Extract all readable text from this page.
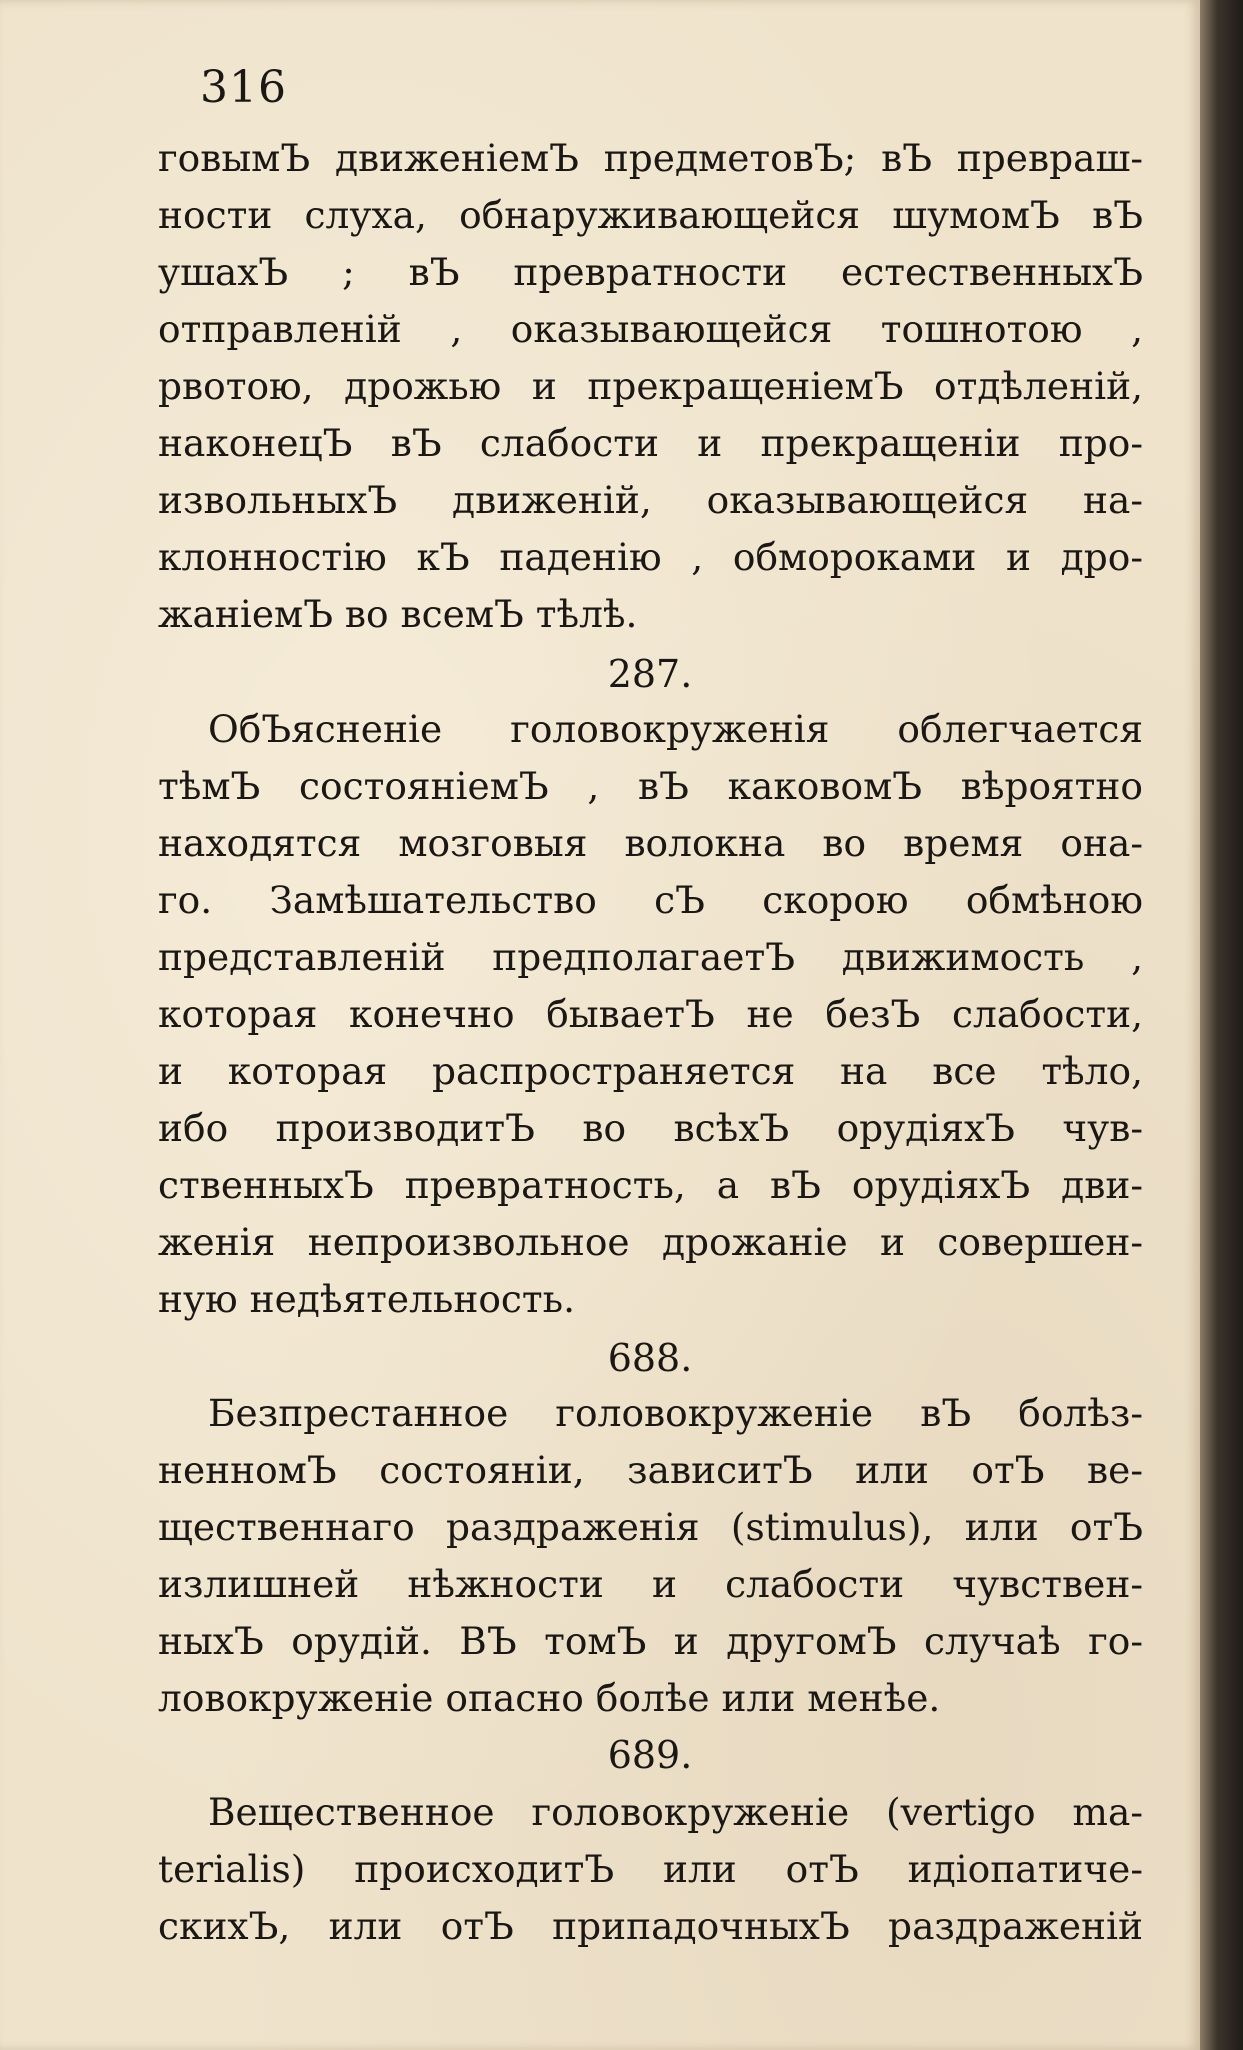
316

говымЪ движенiемЪ предметовЪ; вЪ превраш-

ности слуха, обнаруживающейся шумомЪ вЪ

ушахЪ ; вЪ превратности естественныхЪ

отправленiй , оказывающейся тошнотою ,

рвотою, дрожью и прекращенiемЪ отдѣленiй,

наконецЪ вЪ слабости и прекращенiи про-

извольныхЪ движенiй, оказывающейся на-

клонностiю кЪ паденiю , обмороками и дро-

жанiемЪ во всемЪ тѣлѣ.

287.

ОбЪясненiе головокруженiя облегчается

тѣмЪ состоянiемЪ , вЪ каковомЪ вѣроятно

находятся мозговыя волокна во время она-

го. Замѣшательство сЪ скорою обмѣною

представленiй предполагаетЪ движимость ,

которая конечно бываетЪ не безЪ слабости,

и которая распространяется на все тѣло,

ибо производитЪ во всѣхЪ орудiяхЪ чув-

ственныхЪ превратность, а вЪ орудiяхЪ дви-

женiя непроизвольное дрожанiе и совершен-

ную недѣятельность.

688.

Безпрестанное головокруженiе вЪ болѣз-

ненномЪ состоянiи, зависитЪ или отЪ ве-

щественнаго раздраженiя (stimulus), или отЪ

излишней нѣжности и слабости чувствен-

ныхЪ орудiй. ВЪ томЪ и другомЪ случаѣ го-

ловокруженiе опасно болѣе или менѣе.

689.

Вещественное головокруженiе (vertigo ma-

terialis) происходитЪ или отЪ идiопатиче-

скихЪ, или отЪ припадочныхЪ раздраженiй
